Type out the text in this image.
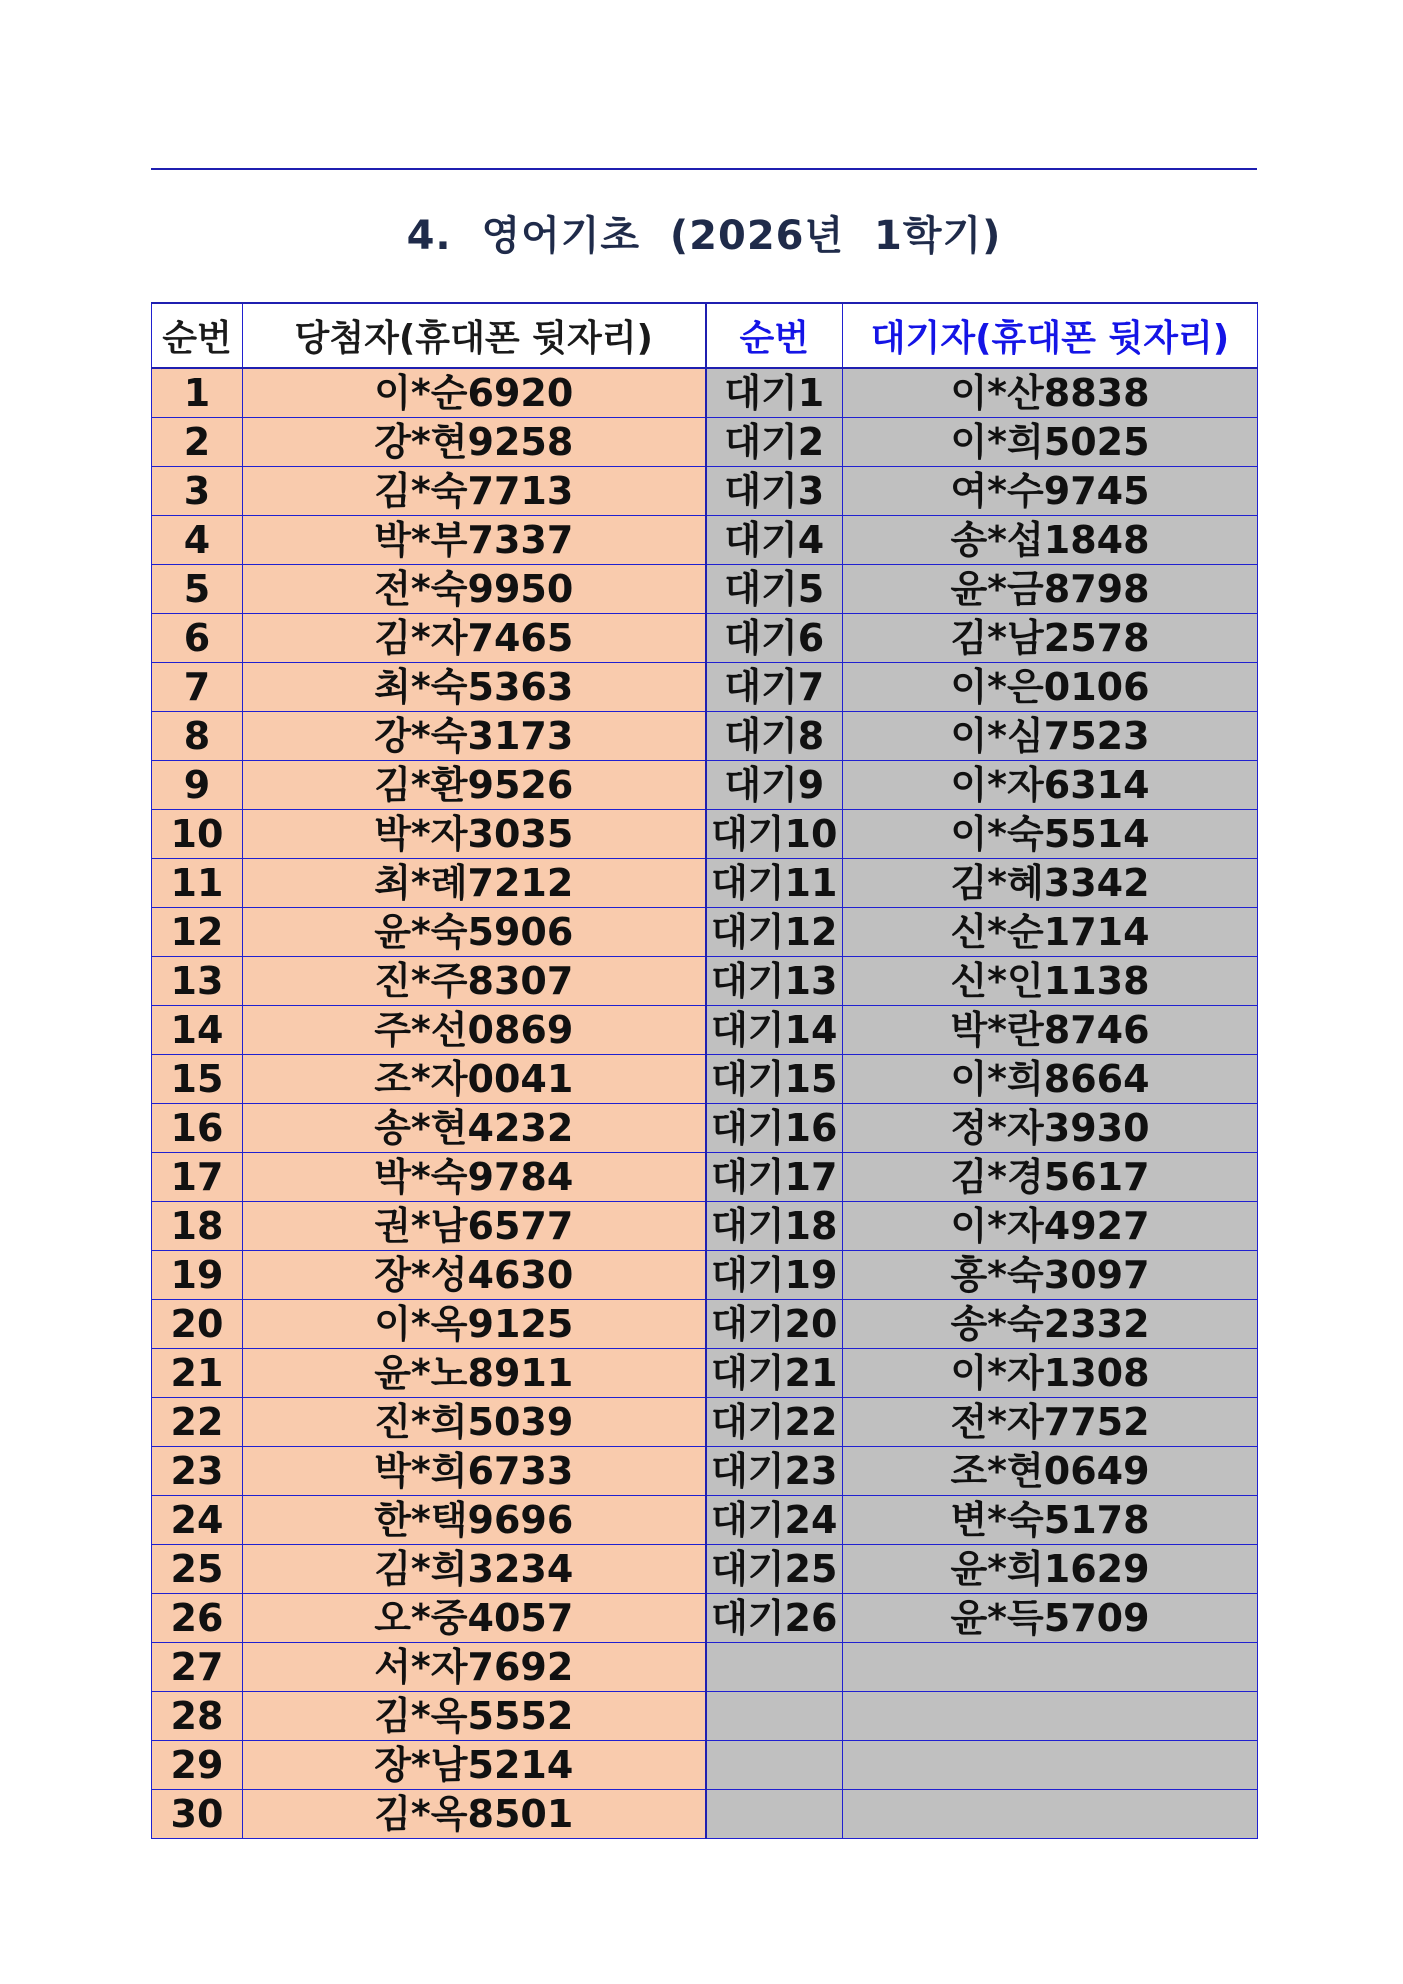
4.  영어기초  (2026년  1학기)
순번	당첨자(휴대폰 뒷자리)	순번	대기자(휴대폰 뒷자리)
1	이*순6920	대기1	이*산8838
2	강*현9258	대기2	이*희5025
3	김*숙7713	대기3	여*수9745
4	박*부7337	대기4	송*섭1848
5	전*숙9950	대기5	윤*금8798
6	김*자7465	대기6	김*남2578
7	최*숙5363	대기7	이*은0106
8	강*숙3173	대기8	이*심7523
9	김*환9526	대기9	이*자6314
10	박*자3035	대기10	이*숙5514
11	최*례7212	대기11	김*혜3342
12	윤*숙5906	대기12	신*순1714
13	진*주8307	대기13	신*인1138
14	주*선0869	대기14	박*란8746
15	조*자0041	대기15	이*희8664
16	송*현4232	대기16	정*자3930
17	박*숙9784	대기17	김*경5617
18	권*남6577	대기18	이*자4927
19	장*성4630	대기19	홍*숙3097
20	이*옥9125	대기20	송*숙2332
21	윤*노8911	대기21	이*자1308
22	진*희5039	대기22	전*자7752
23	박*희6733	대기23	조*현0649
24	한*택9696	대기24	변*숙5178
25	김*희3234	대기25	윤*희1629
26	오*중4057	대기26	윤*득5709
27	서*자7692		
28	김*옥5552		
29	장*남5214		
30	김*옥8501		
